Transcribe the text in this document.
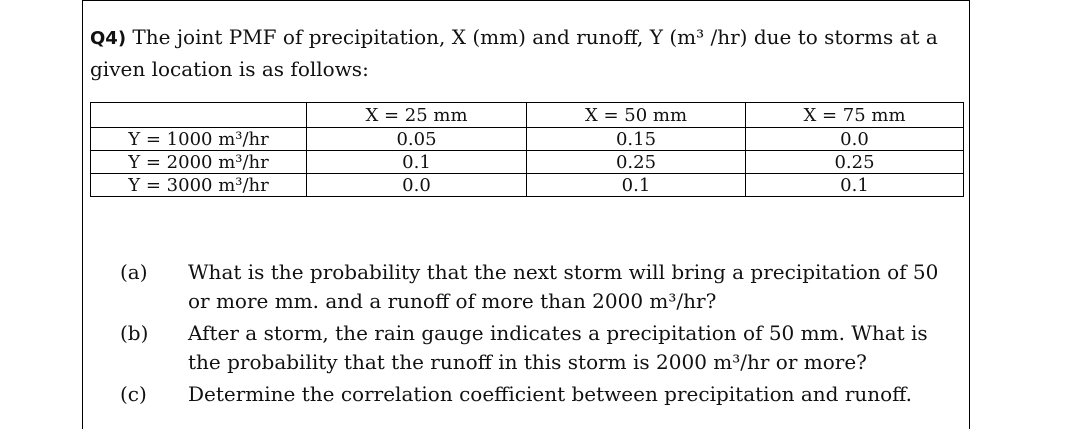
Q4) The joint PMF of precipitation, X (mm) and runoff, Y (m³ /hr) due to storms at a given location is as follows:
	X = 25 mm	X = 50 mm	X = 75 mm
Y = 1000 m³/hr	0.05	0.15	0.0
Y = 2000 m³/hr	0.1	0.25	0.25
Y = 3000 m³/hr	0.0	0.1	0.1
(a)	What is the probability that the next storm will bring a precipitation of 50 or more mm. and a runoff of more than 2000 m³/hr?
(b)	After a storm, the rain gauge indicates a precipitation of 50 mm. What is the probability that the runoff in this storm is 2000 m³/hr or more?
(c)	Determine the correlation coefficient between precipitation and runoff.
